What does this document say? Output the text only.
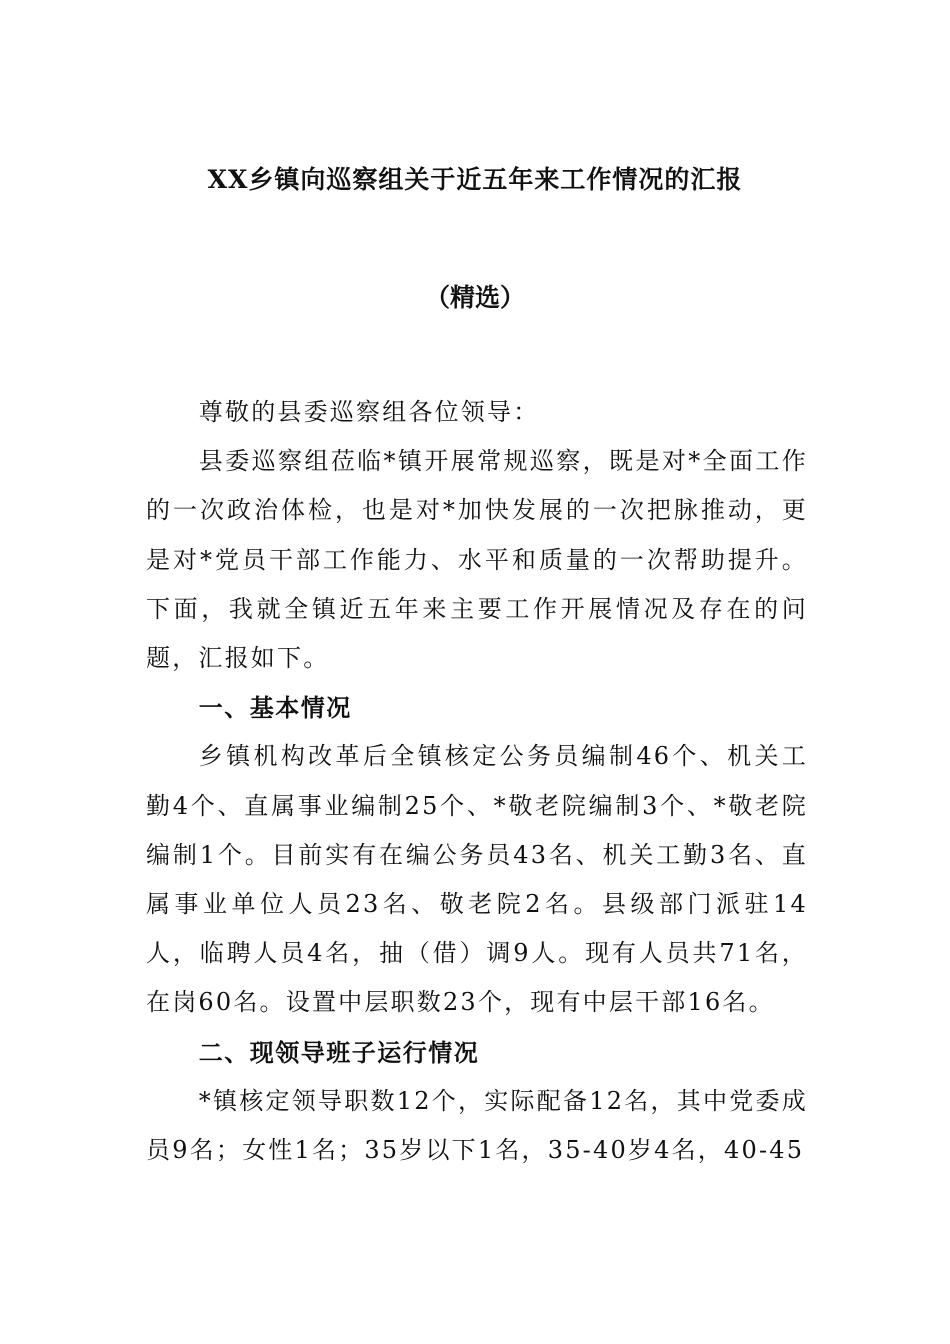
XX乡镇向巡察组关于近五年来工作情况的汇报
（精选）

尊敬的县委巡察组各位领导：

县委巡察组莅临*镇开展常规巡察，既是对*全面工作的一次政治体检，也是对*加快发展的一次把脉推动，更是对*党员干部工作能力、水平和质量的一次帮助提升。下面，我就全镇近五年来主要工作开展情况及存在的问题，汇报如下。

一、基本情况

乡镇机构改革后全镇核定公务员编制46个、机关工勤4个、直属事业编制25个、*敬老院编制3个、*敬老院编制1个。目前实有在编公务员43名、机关工勤3名、直属事业单位人员23名、敬老院2名。县级部门派驻14人，临聘人员4名，抽（借）调9人。现有人员共71名，在岗60名。设置中层职数23个，现有中层干部16名。

二、现领导班子运行情况

*镇核定领导职数12个，实际配备12名，其中党委成员9名；女性1名；35岁以下1名，35-40岁4名，40-45
